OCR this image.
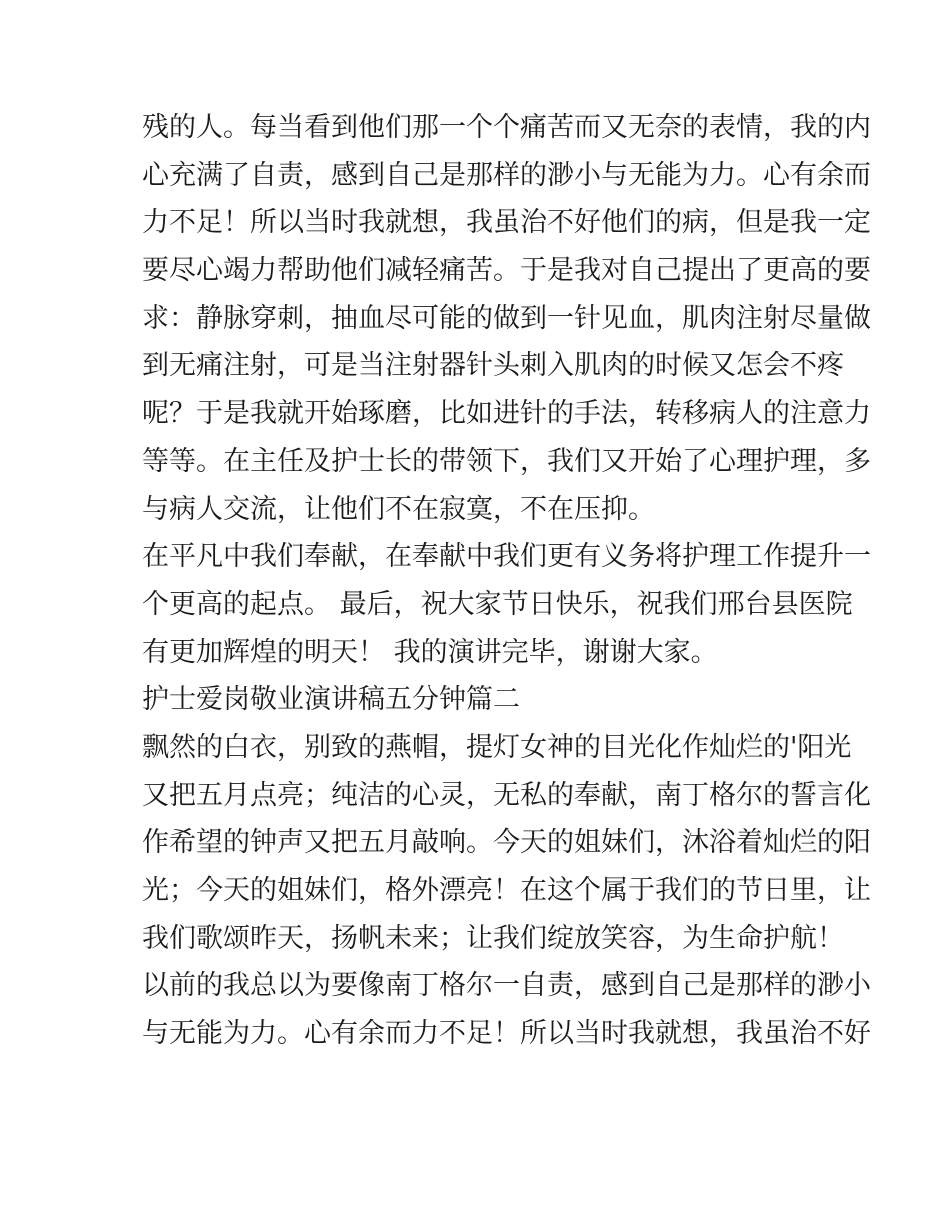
残的人。每当看到他们那一个个痛苦而又无奈的表情，我的内
心充满了自责，感到自己是那样的渺小与无能为力。心有余而
力不足！所以当时我就想，我虽治不好他们的病，但是我一定
要尽心竭力帮助他们减轻痛苦。于是我对自己提出了更高的要
求：静脉穿刺，抽血尽可能的做到一针见血，肌肉注射尽量做
到无痛注射，可是当注射器针头刺入肌肉的时候又怎会不疼
呢？于是我就开始琢磨，比如进针的手法，转移病人的注意力
等等。在主任及护士长的带领下，我们又开始了心理护理，多
与病人交流，让他们不在寂寞，不在压抑。
在平凡中我们奉献，在奉献中我们更有义务将护理工作提升一
个更高的起点。 最后，祝大家节日快乐，祝我们邢台县医院
有更加辉煌的明天！ 我的演讲完毕，谢谢大家。
护士爱岗敬业演讲稿五分钟篇二
飘然的白衣，别致的燕帽，提灯女神的目光化作灿烂的'阳光
又把五月点亮；纯洁的心灵，无私的奉献，南丁格尔的誓言化
作希望的钟声又把五月敲响。今天的姐妹们，沐浴着灿烂的阳
光；今天的姐妹们，格外漂亮！在这个属于我们的节日里，让
我们歌颂昨天，扬帆未来；让我们绽放笑容，为生命护航！
以前的我总以为要像南丁格尔一自责，感到自己是那样的渺小
与无能为力。心有余而力不足！所以当时我就想，我虽治不好
